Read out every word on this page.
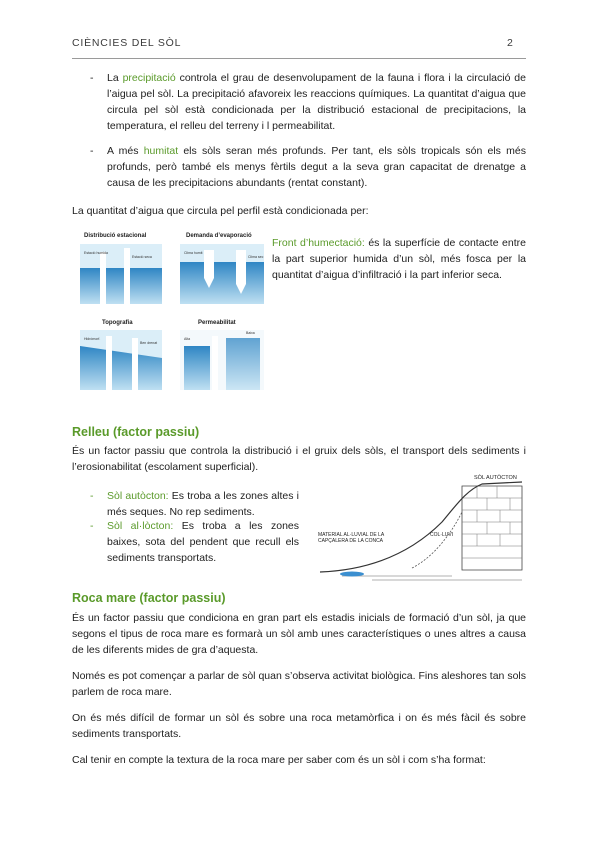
CIÈNCIES DEL SÒL	2
- La precipitació controla el grau de desenvolupament de la fauna i flora i la circulació de l’aigua pel sòl. La precipitació afavoreix les reaccions químiques. La quantitat d’aigua que circula pel sòl està condicionada per la distribució estacional de precipitacions, la temperatura, el relleu del terreny i l permeabilitat.
- A més humitat els sòls seran més profunds. Per tant, els sòls tropicals són els més profunds, però també els menys fèrtils degut a la seva gran capacitat de drenatge a causa de les precipitacions abundants (rentat constant).
La quantitat d’aigua que circula pel perfil està condicionada per:
Distribució estacional
Estació humida
Estació seca
Demanda d’evaporació
Clima humit
Clima sec
Topografia
Hidròmorf.
Ben drenat
Permeabilitat
Alta
Baixa
Front d’humectació: és la superfície de contacte entre la part superior humida d’un sòl, més fosca per la quantitat d’aigua d’infiltració i la part inferior seca.
Relleu (factor passiu)
És un factor passiu que controla la distribució i el gruix dels sòls, el transport dels sediments i l’erosionabilitat (escolament superficial).
- Sòl autòcton: Es troba a les zones altes i més seques. No rep sediments.
- Sòl al·lòcton: Es troba a les zones baixes, sota del pendent que recull els sediments transportats.
SÒL AUTÒCTON
COL·LUVI
MATERIAL AL·LUVIAL DE LA CAPÇALERA DE LA CONCA
Roca mare (factor passiu)
És un factor passiu que condiciona en gran part els estadis inicials de formació d’un sòl, ja que segons el tipus de roca mare es formarà un sòl amb unes característiques o unes altres a causa de les diferents mides de gra d’aquesta.
Només es pot començar a parlar de sòl quan s’observa activitat biològica. Fins aleshores tan sols parlem de roca mare.
On és més difícil de formar un sòl és sobre una roca metamòrfica i on és més fàcil és sobre sediments transportats.
Cal tenir en compte la textura de la roca mare per saber com és un sòl i com s’ha format:
